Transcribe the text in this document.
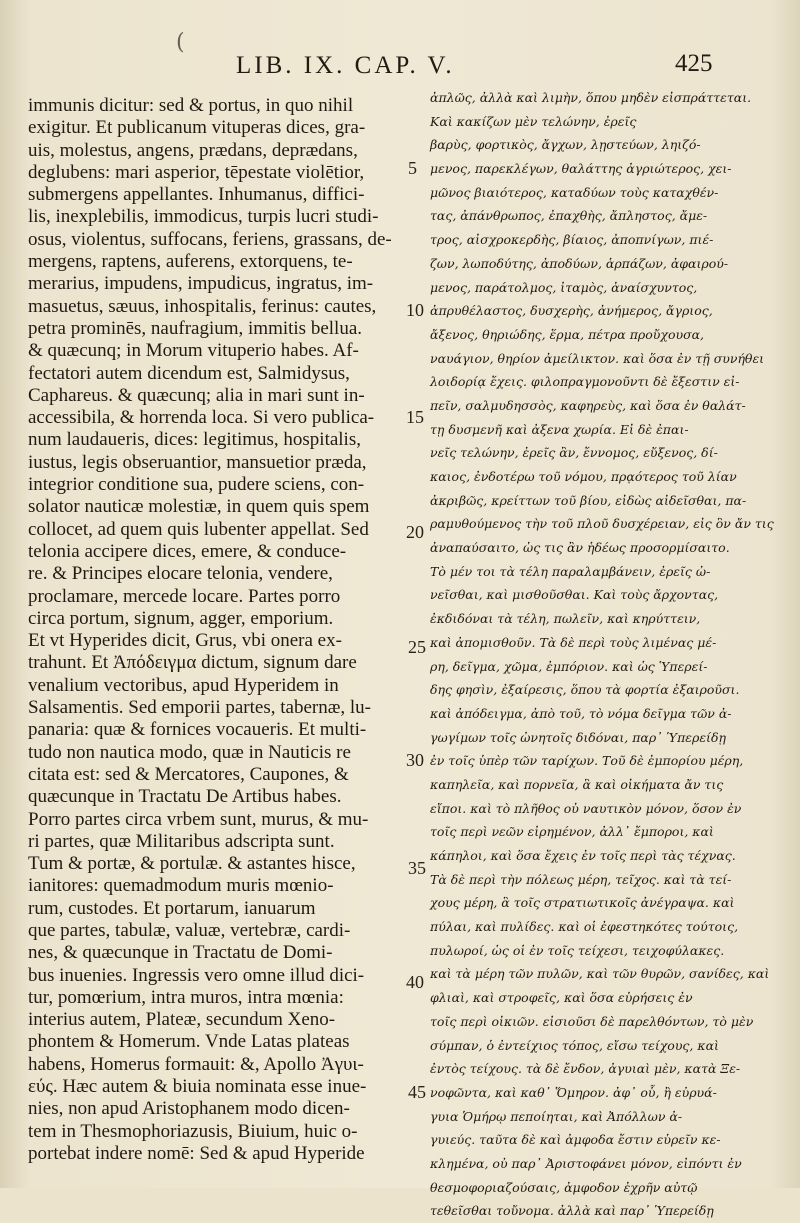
(
LIB. IX. CAP. V.	425
immunis dicitur: sed & portus, in quo nihil
exigitur. Et publicanum vituperas dices, gra-
uis, molestus, angens, prædans, deprædans,
deglubens: mari asperior, tēpestate violētior,
submergens appellantes. Inhumanus, diffici-
lis, inexplebilis, immodicus, turpis lucri studi-
osus, violentus, suffocans, feriens, grassans, de-
mergens, raptens, auferens, extorquens, te-
merarius, impudens, impudicus, ingratus, im-
masuetus, sæuus, inhospitalis, ferinus: cautes,
petra prominēs, naufragium, immitis bellua.
& quæcunq; in Morum vituperio habes. Af-
fectatori autem dicendum est, Salmidysus,
Caphareus. & quæcunq; alia in mari sunt in-
accessibila, & horrenda loca. Si vero publica-
num laudaueris, dices: legitimus, hospitalis,
iustus, legis obseruantior, mansuetior præda,
integrior conditione sua, pudere sciens, con-
solator nauticæ molestiæ, in quem quis spem
collocet, ad quem quis lubenter appellat. Sed
telonia accipere dices, emere, & conduce-
re. & Principes elocare telonia, vendere,
proclamare, mercede locare. Partes porro
circa portum, signum, agger, emporium.
Et vt Hyperides dicit, Grus, vbi onera ex-
trahunt. Et Ἀπόδειγμα dictum, signum dare
venalium vectoribus, apud Hyperidem in
Salsamentis. Sed emporii partes, tabernæ, lu-
panaria: quæ & fornices vocaueris. Et multi-
tudo non nautica modo, quæ in Nauticis re
citata est: sed & Mercatores, Caupones, &
quæcunque in Tractatu De Artibus habes.
Porro partes circa vrbem sunt, murus, & mu-
ri partes, quæ Militaribus adscripta sunt.
Tum & portæ, & portulæ. & astantes hisce,
ianitores: quemadmodum muris mœnio-
rum, custodes. Et portarum, ianuarum
que partes, tabulæ, valuæ, vertebræ, cardi-
nes, & quæcunque in Tractatu de Domi-
bus inuenies. Ingressis vero omne illud dici-
tur, pomœrium, intra muros, intra mœnia:
interius autem, Plateæ, secundum Xeno-
phontem & Homerum. Vnde Latas plateas
habens, Homerus formauit: &, Apollo Ἀγυι-
εύς. Hæc autem & biuia nominata esse inue-
nies, non apud Aristophanem modo dicen-
tem in Thesmophoriazusis, Biuium, huic o-
portebat indere nomē: Sed & apud Hyperide
5
10
15
20
25
30
35
40
45
ἀπλῶς, ἀλλὰ καὶ λιμὴν, ὅπου μηδὲν εἰσπράττεται.
Καὶ κακίζων μὲν τελώνην, ἐρεῖς
βαρὺς, φορτικὸς, ἄγχων, λῃστεύων, ληιζό-
μενος, παρεκλέγων, θαλάττης ἀγριώτερος, χει-
μῶνος βιαιότερος, καταδύων τοὺς καταχθέν-
τας, ἀπάνθρωπος, ἐπαχθὴς, ἄπληστος, ἄμε-
τρος, αἰσχροκερδὴς, βίαιος, ἀποπνίγων, πιέ-
ζων, λωποδύτης, ἀποδύων, ἁρπάζων, ἀφαιρού-
μενος, παράτολμος, ἰταμὸς, ἀναίσχυντος,
ἀπρυθέλαστος, δυσχερὴς, ἀνήμερος, ἄγριος,
ἄξενος, θηριώδης, ἕρμα, πέτρα προὔχουσα,
ναυάγιον, θηρίον ἀμείλικτον. καὶ ὅσα ἐν τῇ συνήθει
λοιδορίᾳ ἔχεις. φιλοπραγμονοῦντι δὲ ἔξεστιν εἰ-
πεῖν, σαλμυδησσὸς, καφηρεὺς, καὶ ὅσα ἐν θαλάτ-
τῃ δυσμενῆ καὶ ἀξενα χωρία. Εἰ δὲ ἐπαι-
νεῖς τελώνην, ἐρεῖς ἂν, ἔννομος, εὔξενος, δί-
καιος, ἐνδοτέρω τοῦ νόμου, πρᾳότερος τοῦ λίαν
ἀκριβῶς, κρείττων τοῦ βίου, εἰδὼς αἰδεῖσθαι, πα-
ραμυθούμενος τὴν τοῦ πλοῦ δυσχέρειαν, εἰς ὃν ἄν τις
ἀναπαύσαιτο, ὡς τις ἂν ἡδέως προσορμίσαιτο.
Τὸ μέν τοι τὰ τέλη παραλαμβάνειν, ἐρεῖς ὠ-
νεῖσθαι, καὶ μισθοῦσθαι. Καὶ τοὺς ἄρχοντας,
ἐκδιδόναι τὰ τέλη, πωλεῖν, καὶ κηρύττειν,
καὶ ἀπομισθοῦν. Τὰ δὲ περὶ τοὺς λιμένας μέ-
ρη, δεῖγμα, χῶμα, ἐμπόριον. καὶ ὡς Ὑπερεί-
δης φησὶν, ἐξαίρεσις, ὅπου τὰ φορτία ἐξαιροῦσι.
καὶ ἀπόδειγμα, ἀπὸ τοῦ, τὸ νόμα δεῖγμα τῶν ἀ-
γωγίμων τοῖς ὠνητοῖς διδόναι, παρ᾽ Ὑπερείδῃ
ἐν τοῖς ὑπὲρ τῶν ταρίχων. Τοῦ δὲ ἐμπορίου μέρη,
καπηλεῖα, καὶ πορνεῖα, ἃ καὶ οἰκήματα ἄν τις
εἴποι. καὶ τὸ πλῆθος οὐ ναυτικὸν μόνον, ὅσον ἐν
τοῖς περὶ νεῶν εἰρημένον, ἀλλ᾽ ἔμποροι, καὶ
κάπηλοι, καὶ ὅσα ἔχεις ἐν τοῖς περὶ τὰς τέχνας.
Τὰ δὲ περὶ τὴν πόλεως μέρη, τεῖχος. καὶ τὰ τεί-
χους μέρη, ἃ τοῖς στρατιωτικοῖς ἀνέγραψα. καὶ
πύλαι, καὶ πυλίδες. καὶ οἱ ἐφεστηκότες τούτοις,
πυλωροί, ὡς οἱ ἐν τοῖς τείχεσι, τειχοφύλακες.
καὶ τὰ μέρη τῶν πυλῶν, καὶ τῶν θυρῶν, σανίδες, καὶ
φλιαὶ, καὶ στροφεῖς, καὶ ὅσα εὑρήσεις ἐν
τοῖς περὶ οἰκιῶν. εἰσιοῦσι δὲ παρελθόντων, τὸ μὲν
σύμπαν, ὁ ἐντείχιος τόπος, εἴσω τείχους, καὶ
ἐντὸς τείχους. τὰ δὲ ἔνδον, ἀγυιαὶ μὲν, κατὰ Ξε-
νοφῶντα, καὶ καθ᾽ Ὅμηρον. ἀφ᾽ οὗ, ἢ εὐρυά-
γυια Ὁμήρῳ πεποίηται, καὶ Ἀπόλλων ἀ-
γυιεύς. ταῦτα δὲ καὶ ἀμφοδα ἔστιν εὑρεῖν κε-
κλημένα, οὐ παρ᾽ Ἀριστοφάνει μόνον, εἰπόντι ἐν
θεσμοφοριαζούσαις, ἀμφοδον ἐχρῆν αὐτῷ
τεθεῖσθαι τοὔνομα. ἀλλὰ καὶ παρ᾽ Ὑπερείδῃ
